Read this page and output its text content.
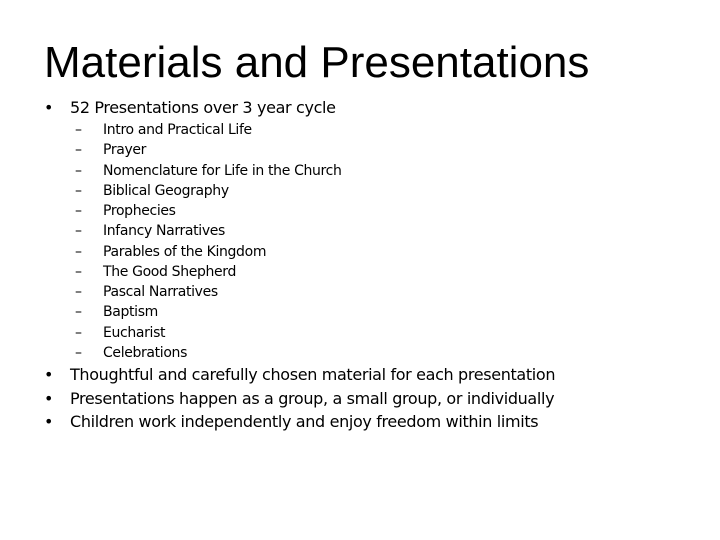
Materials and Presentations
• 52 Presentations over 3 year cycle
– Intro and Practical Life
– Prayer
– Nomenclature for Life in the Church
– Biblical Geography
– Prophecies
– Infancy Narratives
– Parables of the Kingdom
– The Good Shepherd
– Pascal Narratives
– Baptism
– Eucharist
– Celebrations
• Thoughtful and carefully chosen material for each presentation
• Presentations happen as a group, a small group, or individually
• Children work independently and enjoy freedom within limits
